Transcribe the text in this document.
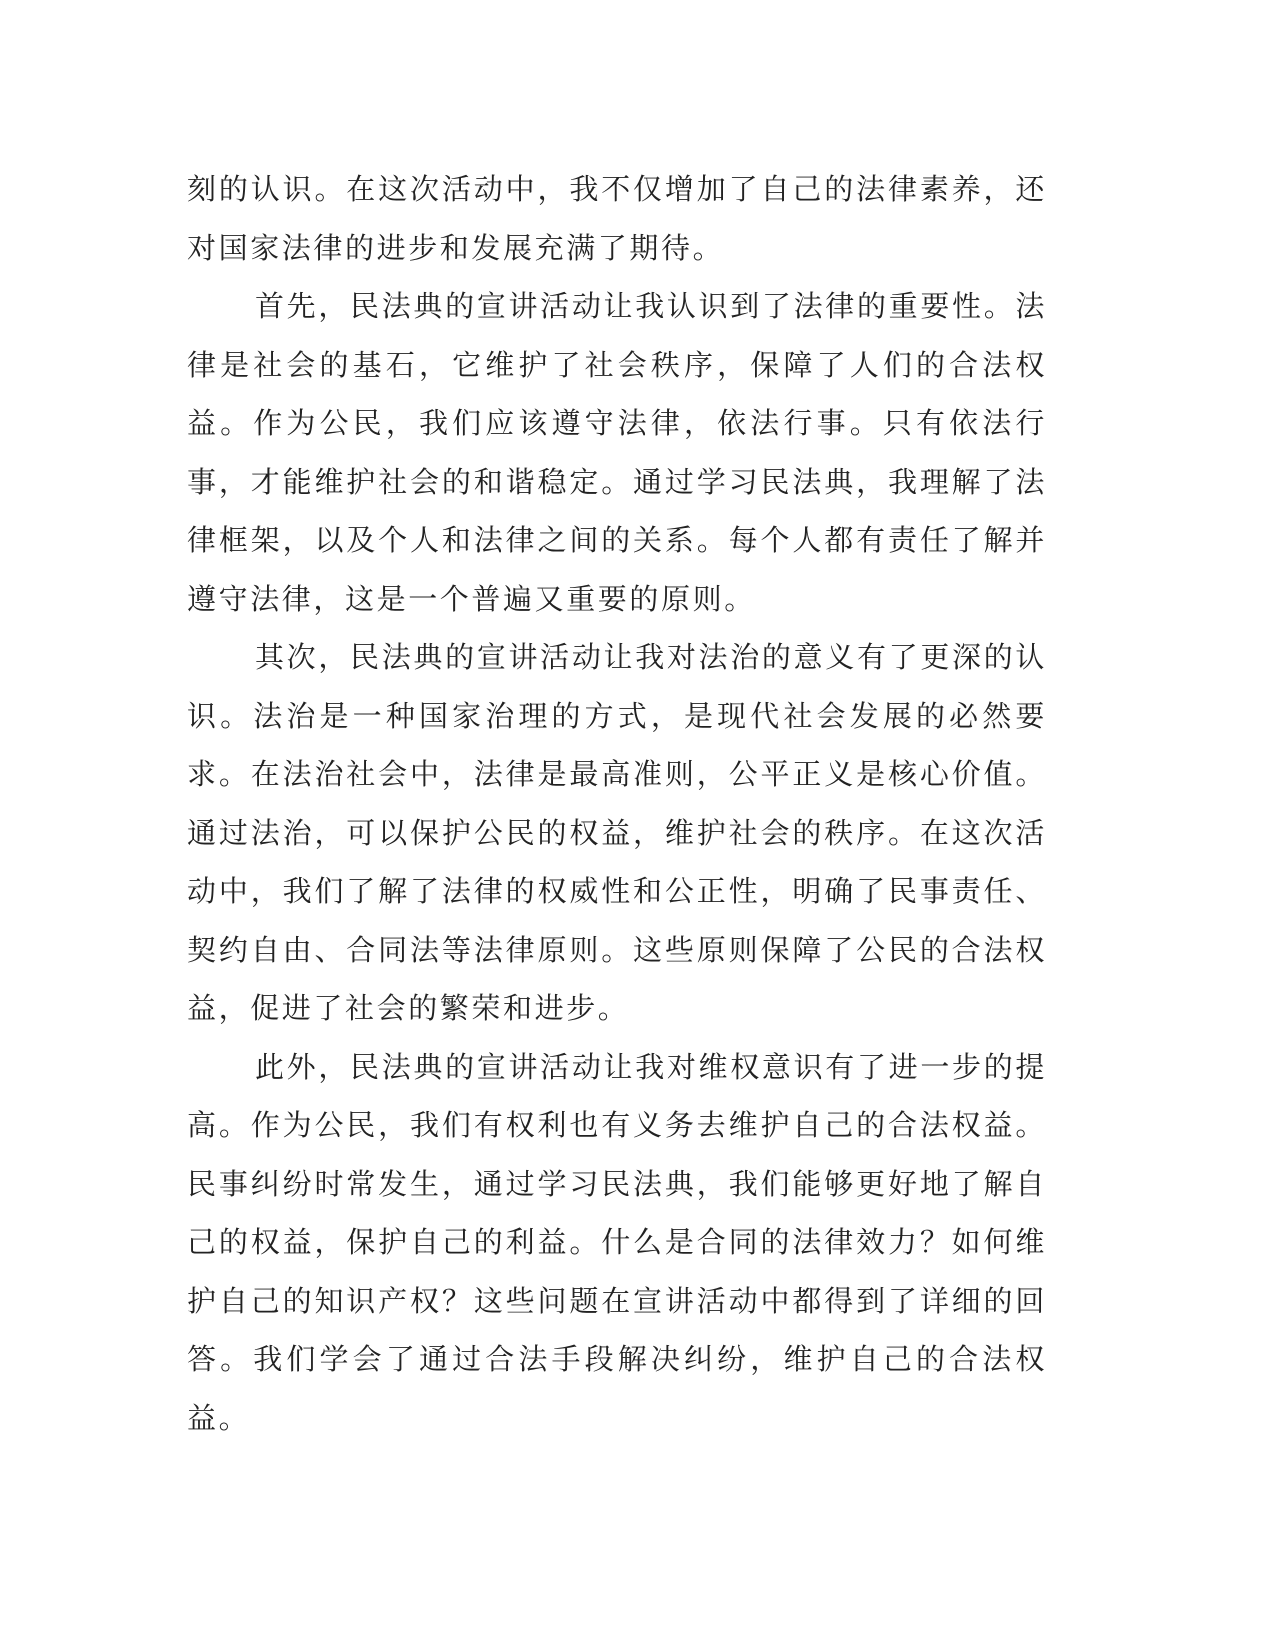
刻的认识。在这次活动中，我不仅增加了自己的法律素养，还对国家法律的进步和发展充满了期待。

首先，民法典的宣讲活动让我认识到了法律的重要性。法律是社会的基石，它维护了社会秩序，保障了人们的合法权益。作为公民，我们应该遵守法律，依法行事。只有依法行事，才能维护社会的和谐稳定。通过学习民法典，我理解了法律框架，以及个人和法律之间的关系。每个人都有责任了解并遵守法律，这是一个普遍又重要的原则。

其次，民法典的宣讲活动让我对法治的意义有了更深的认识。法治是一种国家治理的方式，是现代社会发展的必然要求。在法治社会中，法律是最高准则，公平正义是核心价值。通过法治，可以保护公民的权益，维护社会的秩序。在这次活动中，我们了解了法律的权威性和公正性，明确了民事责任、契约自由、合同法等法律原则。这些原则保障了公民的合法权益，促进了社会的繁荣和进步。

此外，民法典的宣讲活动让我对维权意识有了进一步的提高。作为公民，我们有权利也有义务去维护自己的合法权益。民事纠纷时常发生，通过学习民法典，我们能够更好地了解自己的权益，保护自己的利益。什么是合同的法律效力？如何维护自己的知识产权？这些问题在宣讲活动中都得到了详细的回答。我们学会了通过合法手段解决纠纷，维护自己的合法权益。
